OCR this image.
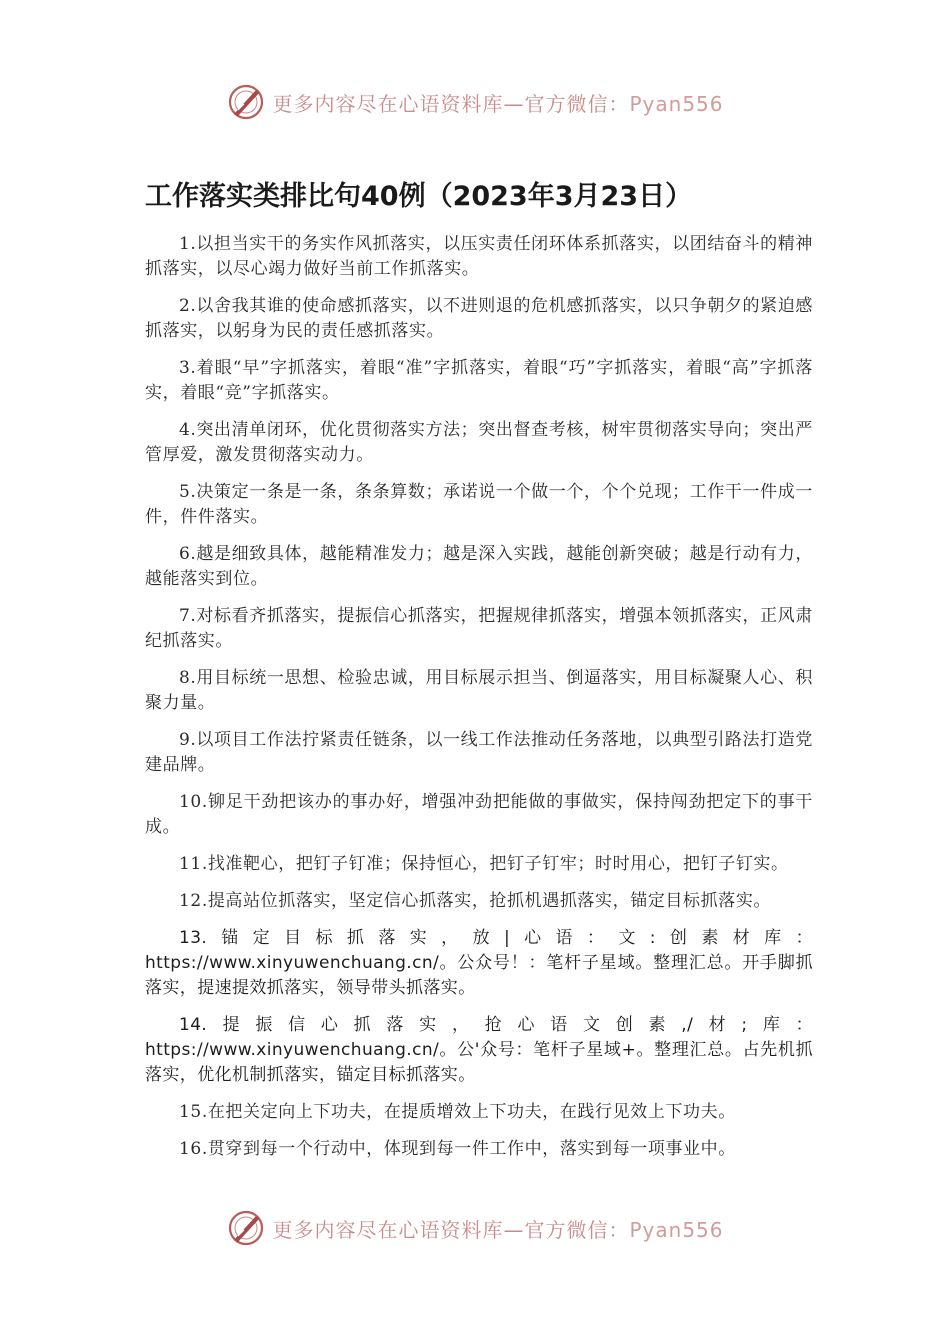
更多内容尽在心语资料库—官方微信：Pyan556
工作落实类排比句40例（2023年3月23日）

1.以担当实干的务实作风抓落实，以压实责任闭环体系抓落实，以团结奋斗的精神抓落实，以尽心竭力做好当前工作抓落实。

2.以舍我其谁的使命感抓落实，以不进则退的危机感抓落实，以只争朝夕的紧迫感抓落实，以躬身为民的责任感抓落实。

3.着眼“早”字抓落实，着眼“准”字抓落实，着眼“巧”字抓落实，着眼“高”字抓落实，着眼“竞”字抓落实。

4.突出清单闭环，优化贯彻落实方法；突出督查考核，树牢贯彻落实导向；突出严管厚爱，激发贯彻落实动力。

5.决策定一条是一条，条条算数；承诺说一个做一个，个个兑现；工作干一件成一件，件件落实。

6.越是细致具体，越能精准发力；越是深入实践，越能创新突破；越是行动有力，越能落实到位。

7.对标看齐抓落实，提振信心抓落实，把握规律抓落实，增强本领抓落实，正风肃纪抓落实。

8.用目标统一思想、检验忠诚，用目标展示担当、倒逼落实，用目标凝聚人心、积聚力量。

9.以项目工作法拧紧责任链条，以一线工作法推动任务落地，以典型引路法打造党建品牌。

10.铆足干劲把该办的事办好，增强冲劲把能做的事做实，保持闯劲把定下的事干成。

11.找准靶心，把钉子钉准；保持恒心，把钉子钉牢；时时用心，把钉子钉实。

12.提高站位抓落实，坚定信心抓落实，抢抓机遇抓落实，锚定目标抓落实。

13.锚定目标抓落实，放|心语：文:创素材库：https://www.xinyuwenchuang.cn/。公众号！：笔杆子星域。整理汇总。开手脚抓落实，提速提效抓落实，领导带头抓落实。

14.提振信心抓落实，抢心语文创素,/材;库：https://www.xinyuwenchuang.cn/。公'众号：笔杆子星域+。整理汇总。占先机抓落实，优化机制抓落实，锚定目标抓落实。

15.在把关定向上下功夫，在提质增效上下功夫，在践行见效上下功夫。

16.贯穿到每一个行动中，体现到每一件工作中，落实到每一项事业中。

更多内容尽在心语资料库—官方微信：Pyan556
